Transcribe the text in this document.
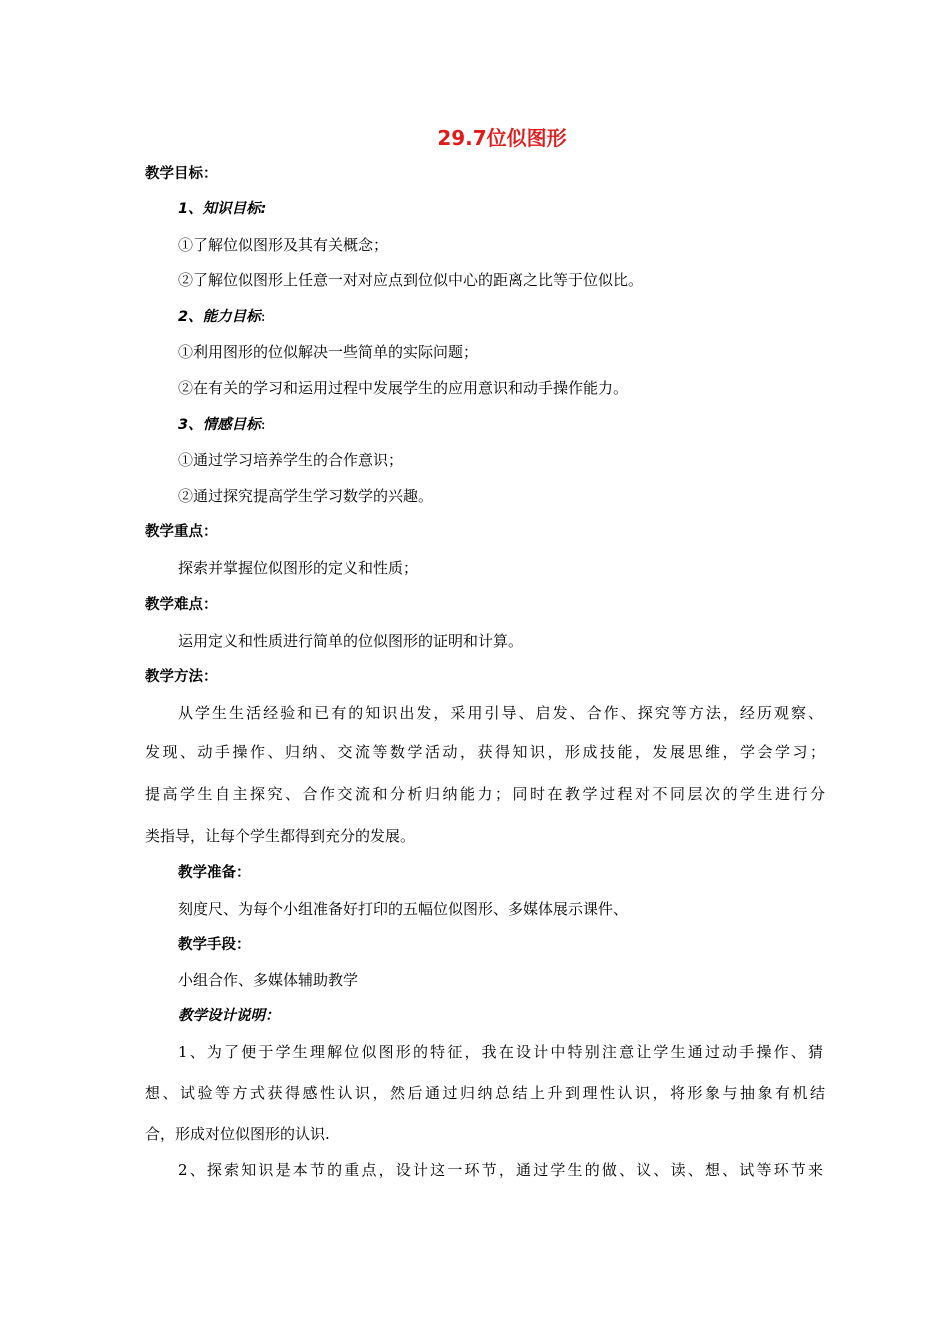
29.7位似图形
教学目标：
1、知识目标:
①了解位似图形及其有关概念；
②了解位似图形上任意一对对应点到位似中心的距离之比等于位似比。
2、能力目标:
①利用图形的位似解决一些简单的实际问题；
②在有关的学习和运用过程中发展学生的应用意识和动手操作能力。
3、情感目标:
①通过学习培养学生的合作意识；
②通过探究提高学生学习数学的兴趣。
教学重点：
探索并掌握位似图形的定义和性质；
教学难点：
运用定义和性质进行简单的位似图形的证明和计算。
教学方法：
从学生生活经验和已有的知识出发，采用引导、启发、合作、探究等方法，经历观察、
发现、动手操作、归纳、交流等数学活动，获得知识，形成技能，发展思维，学会学习；
提高学生自主探究、合作交流和分析归纳能力；同时在教学过程对不同层次的学生进行分
类指导，让每个学生都得到充分的发展。
教学准备：
刻度尺、为每个小组准备好打印的五幅位似图形、多媒体展示课件、
教学手段：
小组合作、多媒体辅助教学
教学设计说明：
1、为了便于学生理解位似图形的特征，我在设计中特别注意让学生通过动手操作、猜
想、试验等方式获得感性认识，然后通过归纳总结上升到理性认识，将形象与抽象有机结
合，形成对位似图形的认识.
2、探索知识是本节的重点，设计这一环节，通过学生的做、议、读、想、试等环节来
